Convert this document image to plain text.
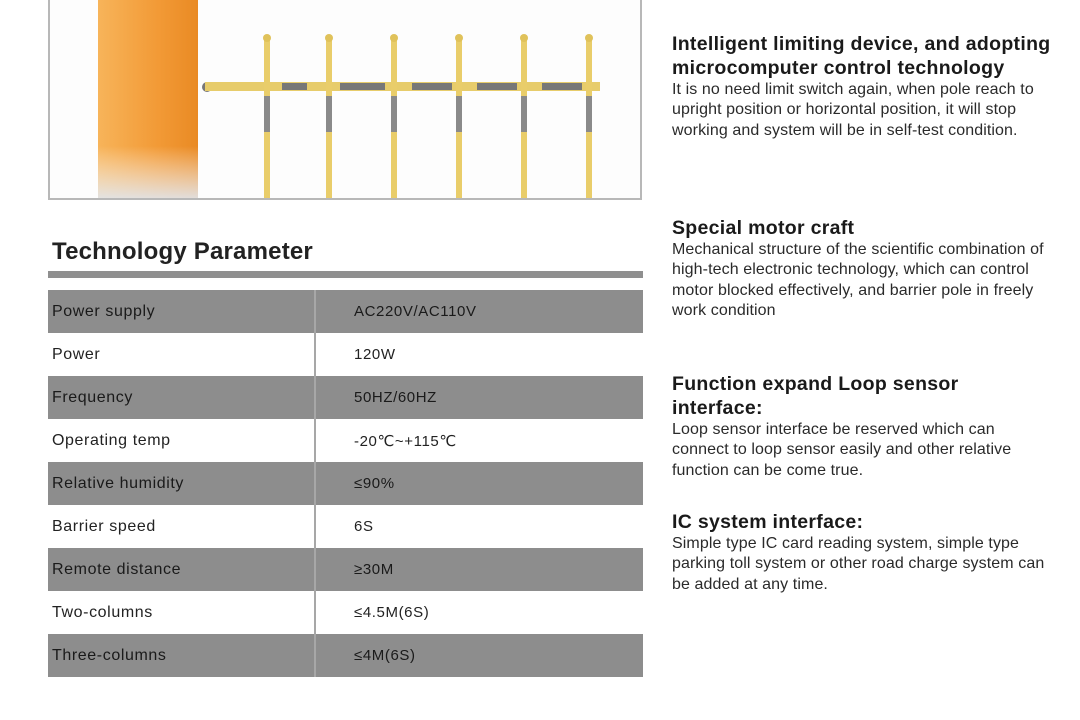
Technology Parameter
Power supply	AC220V/AC110V
Power	120W
Frequency	50HZ/60HZ
Operating temp	-20℃~+115℃
Relative humidity	≤90%
Barrier speed	6S
Remote distance	≥30M
Two-columns	≤4.5M(6S)
Three-columns	≤4M(6S)
Intelligent limiting device, and adopting microcomputer control technology

It is no need limit switch again, when pole reach to upright position or horizontal position, it will stop working and system will be in self-test condition.

Special motor craft

Mechanical structure of the scientific combination of high-tech electronic technology, which can control motor blocked effectively, and barrier pole in freely work condition

Function expand Loop sensor interface:

Loop sensor interface be reserved which can connect to loop sensor easily and other relative function can be come true.

IC system interface:

Simple type IC card reading system, simple type parking toll system or other road charge system can be added at any time.
